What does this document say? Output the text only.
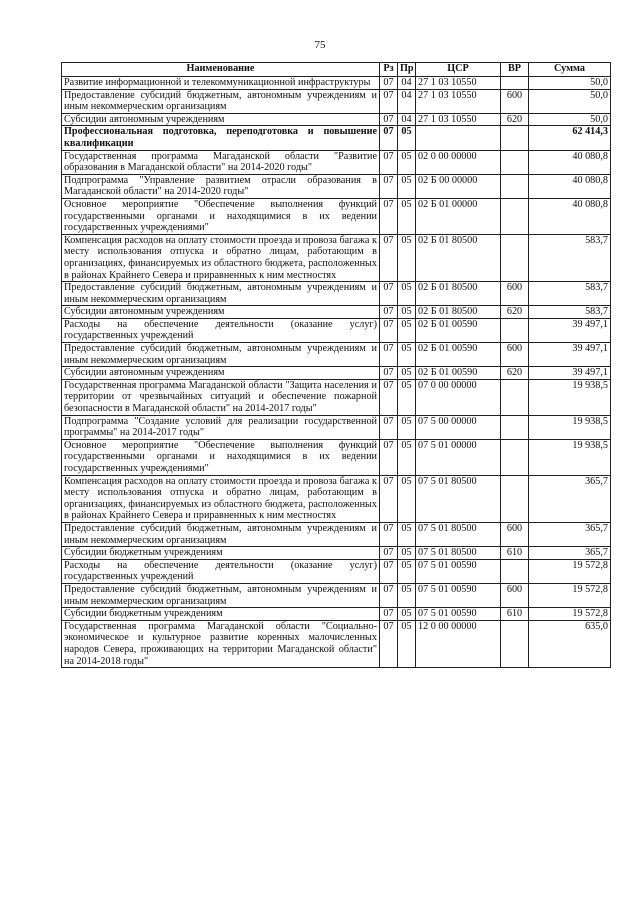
75
Наименование	Рз	Пр	ЦСР	ВР	Сумма
Развитие информационной и телекоммуникационной инфраструктуры	07	04	27 1 03 10550		50,0
Предоставление субсидий бюджетным, автономным учреждениям и иным некоммерческим организациям	07	04	27 1 03 10550	600	50,0
Субсидии автономным учреждениям	07	04	27 1 03 10550	620	50,0
Профессиональная подготовка, переподготовка и повышение квалификации	07	05			62 414,3
Государственная программа Магаданской области "Развитие образования в Магаданской области" на 2014-2020 годы"	07	05	02 0 00 00000		40 080,8
Подпрограмма "Управление развитием отрасли образования в Магаданской области" на 2014-2020 годы"	07	05	02 Б 00 00000		40 080,8
Основное мероприятие "Обеспечение выполнения функций государственными органами и находящимися в их ведении государственных учреждениями"	07	05	02 Б 01 00000		40 080,8
Компенсация расходов на оплату стоимости проезда и провоза багажа к месту использования отпуска и обратно лицам, работающим в организациях, финансируемых из областного бюджета, расположенных в районах Крайнего Севера и приравненных к ним местностях	07	05	02 Б 01 80500		583,7
Предоставление субсидий бюджетным, автономным учреждениям и иным некоммерческим организациям	07	05	02 Б 01 80500	600	583,7
Субсидии автономным учреждениям	07	05	02 Б 01 80500	620	583,7
Расходы на обеспечение деятельности (оказание услуг) государственных учреждений	07	05	02 Б 01 00590		39 497,1
Предоставление субсидий бюджетным, автономным учреждениям и иным некоммерческим организациям	07	05	02 Б 01 00590	600	39 497,1
Субсидии автономным учреждениям	07	05	02 Б 01 00590	620	39 497,1
Государственная программа Магаданской области "Защита населения и территории от чрезвычайных ситуаций и обеспечение пожарной безопасности в Магаданской области" на 2014-2017 годы"	07	05	07 0 00 00000		19 938,5
Подпрограмма "Создание условий для реализации государственной программы" на 2014-2017 годы"	07	05	07 5 00 00000		19 938,5
Основное мероприятие "Обеспечение выполнения функций государственными органами и находящимися в их ведении государственных учреждениями"	07	05	07 5 01 00000		19 938,5
Компенсация расходов на оплату стоимости проезда и провоза багажа к месту использования отпуска и обратно лицам, работающим в организациях, финансируемых из областного бюджета, расположенных в районах Крайнего Севера и приравненных к ним местностях	07	05	07 5 01 80500		365,7
Предоставление субсидий бюджетным, автономным учреждениям и иным некоммерческим организациям	07	05	07 5 01 80500	600	365,7
Субсидии бюджетным учреждениям	07	05	07 5 01 80500	610	365,7
Расходы на обеспечение деятельности (оказание услуг) государственных учреждений	07	05	07 5 01 00590		19 572,8
Предоставление субсидий бюджетным, автономным учреждениям и иным некоммерческим организациям	07	05	07 5 01 00590	600	19 572,8
Субсидии бюджетным учреждениям	07	05	07 5 01 00590	610	19 572,8
Государственная программа Магаданской области "Социально-экономическое и культурное развитие коренных малочисленных народов Севера, проживающих на территории Магаданской области" на 2014-2018 годы"	07	05	12 0 00 00000		635,0
